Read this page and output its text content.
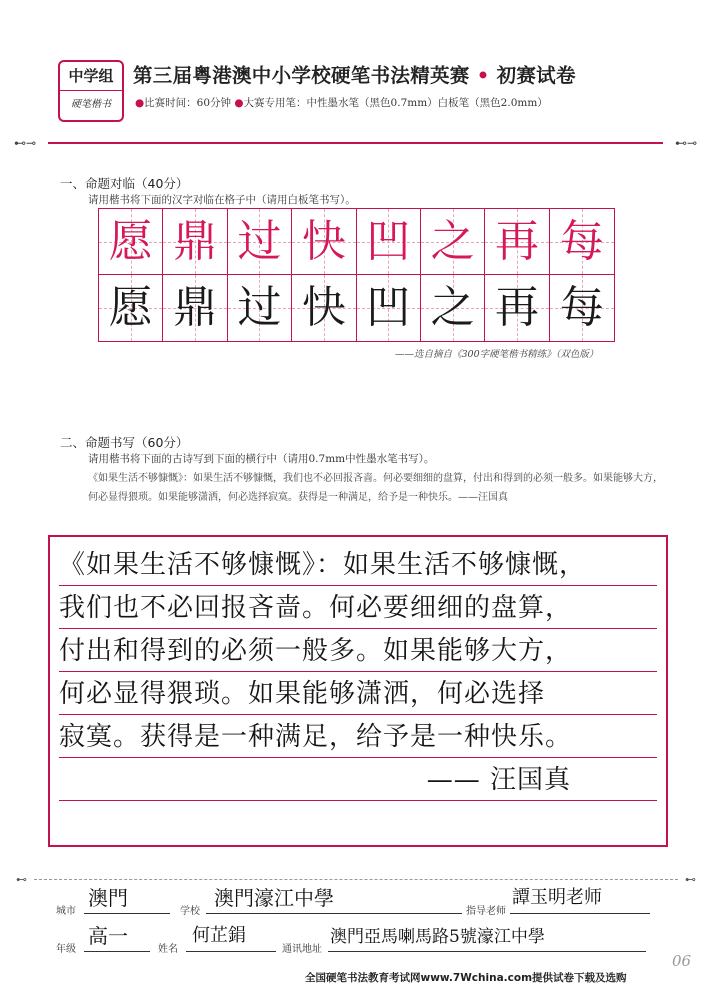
中学组
硬笔楷书
第三届粤港澳中小学校硬笔书法精英赛 • 初赛试卷
●比赛时间：60分钟 ●大赛专用笔：中性墨水笔（黑色0.7mm）白板笔（黑色2.0mm）
⊷⊸	⊷⊸
一、命题对临（40分）
请用楷书将下面的汉字对临在格子中（请用白板笔书写）。
愿 鼎 过 快 凹 之 再 每
愿 鼎 过 快 凹 之 再 每
——选自摘自《300字硬笔楷书精练》（双色版）
二、命题书写（60分）
请用楷书将下面的古诗写到下面的横行中（请用0.7mm中性墨水笔书写）。
《如果生活不够慷慨》：如果生活不够慷慨，我们也不必回报吝啬。何必要细细的盘算，付出和得到的必须一般多。如果能够大方，何必显得猥琐。如果能够潇洒，何必选择寂寞。获得是一种满足，给予是一种快乐。——汪国真
《如果生活不够慷慨》：如果生活不够慷慨，
我们也不必回报吝啬。何必要细细的盘算，
付出和得到的必须一般多。如果能够大方，
何必显得猥琐。如果能够潇洒，何必选择
寂寞。获得是一种满足，给予是一种快乐。
—— 汪国真
⊷	⊷
城市
澳門
学校
澳門濠江中學
指导老师
譚玉明老师
年级
高一
姓名
何芷鋗
通讯地址
澳門亞馬喇馬路5號濠江中學
06
全国硬笔书法教育考试网www.7Wchina.com提供试卷下载及选购
